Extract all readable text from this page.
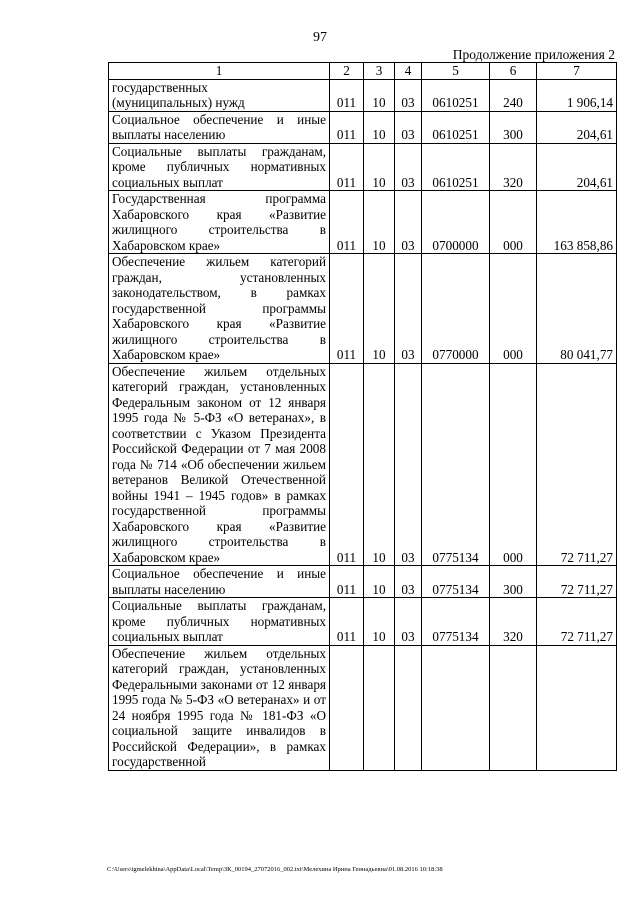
97
Продолжение приложения 2
1	2	3	4	5	6	7

государственных (муниципальных) нужд	011	10	03	0610251	240	1 906,14
Социальное обеспечение и иные выплаты населению	011	10	03	0610251	300	204,61
Социальные выплаты гражданам, кроме публичных нормативных социальных выплат	011	10	03	0610251	320	204,61
Государственная программа Хабаровского края «Развитие жилищного строительства в Хабаровском крае»	011	10	03	0700000	000	163 858,86
Обеспечение жильем категорий граждан, установленных законодательством, в рамках государственной программы Хабаровского края «Развитие жилищного строительства в Хабаровском крае»	011	10	03	0770000	000	80 041,77
Обеспечение жильем отдельных категорий граждан, установленных Федеральным законом от 12 января 1995 года № 5-ФЗ «О ветеранах», в соответствии с Указом Президента Российской Федерации от 7 мая 2008 года № 714 «Об обеспечении жильем ветеранов Великой Отечественной войны 1941 – 1945 годов» в рамках государственной программы Хабаровского края «Развитие жилищного строительства в Хабаровском крае»	011	10	03	0775134	000	72 711,27
Социальное обеспечение и иные выплаты населению	011	10	03	0775134	300	72 711,27
Социальные выплаты гражданам, кроме публичных нормативных социальных выплат	011	10	03	0775134	320	72 711,27
Обеспечение жильем отдельных категорий граждан, установленных Федеральными законами от 12 января 1995 года № 5-ФЗ «О ветеранах» и от 24 ноября 1995 года № 181-ФЗ «О социальной защите инвалидов в Российской Федерации», в рамках государственной						
C:\Users\tgmelekhina\AppData\Local\Temp\ЗК_00194_27072016_002.txt\Мелехина Ирина Геннадьевна\01.08.2016 10:18:38
